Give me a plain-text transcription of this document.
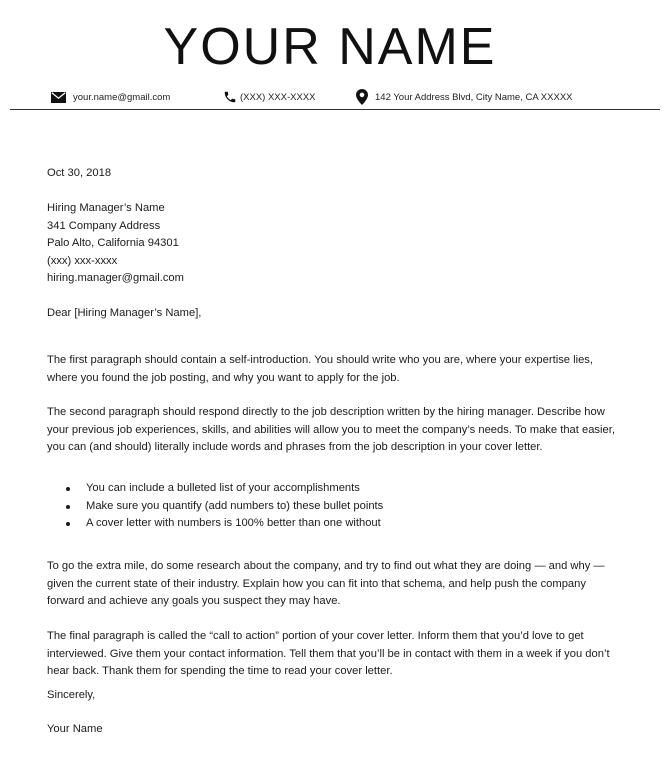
YOUR NAME
your.name@gmail.com	(XXX) XXX-XXXX	142 Your Address Blvd, City Name, CA XXXXX
Oct 30, 2018
Hiring Manager’s Name
341 Company Address
Palo Alto, California 94301
(xxx) xxx-xxxx
hiring.manager@gmail.com
Dear [Hiring Manager’s Name],

The first paragraph should contain a self-introduction. You should write who you are, where your expertise lies, where you found the job posting, and why you want to apply for the job.

The second paragraph should respond directly to the job description written by the hiring manager. Describe how your previous job experiences, skills, and abilities will allow you to meet the company’s needs. To make that easier, you can (and should) literally include words and phrases from the job description in your cover letter.

You can include a bulleted list of your accomplishments
Make sure you quantify (add numbers to) these bullet points
A cover letter with numbers is 100% better than one without

To go the extra mile, do some research about the company, and try to find out what they are doing — and why — given the current state of their industry. Explain how you can fit into that schema, and help push the company forward and achieve any goals you suspect they may have.

The final paragraph is called the “call to action” portion of your cover letter. Inform them that you’d love to get interviewed. Give them your contact information. Tell them that you’ll be in contact with them in a week if you don’t hear back. Thank them for spending the time to read your cover letter.

Sincerely,
Your Name
